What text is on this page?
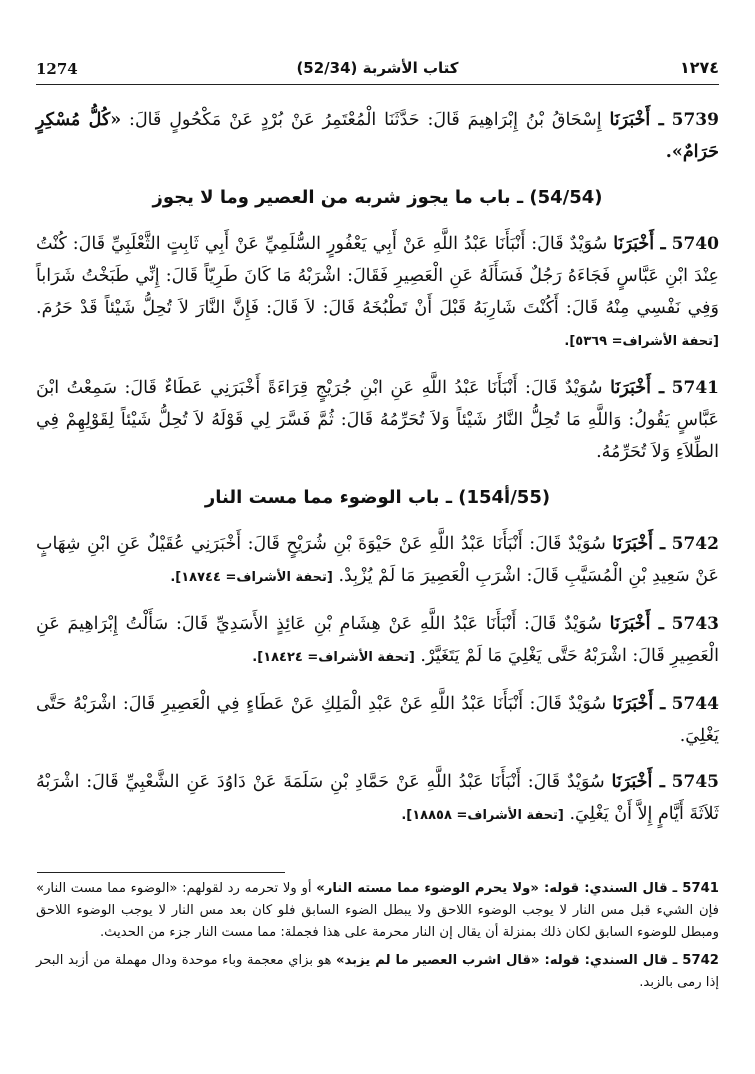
1274	(52/34) كتاب الأشربة	١٢٧٤

5739 ـ أَخْبَرَنَا إِسْحَاقُ بْنُ إِبْرَاهِيمَ قَالَ: حَدَّثَنَا الْمُعْتَمِرُ عَنْ بُرْدٍ عَنْ مَكْحُولٍ قَالَ: «كُلُّ مُسْكِرٍ حَرَامٌ».

(54/54) ـ باب ما يجوز شربه من العصير وما لا يجوز

5740 ـ أَخْبَرَنَا سُوَيْدٌ قَالَ: أَنْبَأَنَا عَبْدُ اللَّهِ عَنْ أَبِي يَعْفُورٍ السُّلَمِيِّ عَنْ أَبِي ثَابِتٍ الثَّعْلَبِيِّ قَالَ: كُنْتُ عِنْدَ ابْنِ عَبَّاسٍ فَجَاءَهُ رَجُلٌ فَسَأَلَهُ عَنِ الْعَصِيرِ فَقَالَ: اشْرَبْهُ مَا كَانَ طَرِيّاً قَالَ: إِنِّي طَبَخْتُ شَرَاباً وَفِي نَفْسِي مِنْهُ قَالَ: أَكُنْتَ شَارِبَهُ قَبْلَ أَنْ تَطْبُخَهُ قَالَ: لاَ قَالَ: فَإِنَّ النَّارَ لاَ تُحِلُّ شَيْئاً قَدْ حَرُمَ. [تحفة الأشراف= ٥٣٦٩].

5741 ـ أَخْبَرَنَا سُوَيْدٌ قَالَ: أَنْبَأَنَا عَبْدُ اللَّهِ عَنِ ابْنِ جُرَيْجٍ قِرَاءَةً أَخْبَرَنِي عَطَاءٌ قَالَ: سَمِعْتُ ابْنَ عَبَّاسٍ يَقُولُ: وَاللَّهِ مَا تُحِلُّ النَّارُ شَيْئاً وَلاَ تُحَرِّمُهُ قَالَ: ثُمَّ فَسَّرَ لِي قَوْلَهُ لاَ تُحِلُّ شَيْئاً لِقَوْلِهِمْ فِي الطِّلاَءِ وَلاَ تُحَرِّمُهُ.

(55/أ154) ـ باب الوضوء مما مست النار

5742 ـ أَخْبَرَنَا سُوَيْدٌ قَالَ: أَنْبَأَنَا عَبْدُ اللَّهِ عَنْ حَيْوَةَ بْنِ شُرَيْحٍ قَالَ: أَخْبَرَنِي عُقَيْلٌ عَنِ ابْنِ شِهَابٍ عَنْ سَعِيدِ بْنِ الْمُسَيَّبِ قَالَ: اشْرَبِ الْعَصِيرَ مَا لَمْ يُزْبِدْ. [تحفة الأشراف= ١٨٧٤٤].

5743 ـ أَخْبَرَنَا سُوَيْدٌ قَالَ: أَنْبَأَنَا عَبْدُ اللَّهِ عَنْ هِشَامِ بْنِ عَائِذٍ الأَسَدِيِّ قَالَ: سَأَلْتُ إِبْرَاهِيمَ عَنِ الْعَصِيرِ قَالَ: اشْرَبْهُ حَتَّى يَغْلِيَ مَا لَمْ يَتَغَيَّرْ. [تحفة الأشراف= ١٨٤٢٤].

5744 ـ أَخْبَرَنَا سُوَيْدٌ قَالَ: أَنْبَأَنَا عَبْدُ اللَّهِ عَنْ عَبْدِ الْمَلِكِ عَنْ عَطَاءٍ فِي الْعَصِيرِ قَالَ: اشْرَبْهُ حَتَّى يَغْلِيَ.

5745 ـ أَخْبَرَنَا سُوَيْدٌ قَالَ: أَنْبَأَنَا عَبْدُ اللَّهِ عَنْ حَمَّادِ بْنِ سَلَمَةَ عَنْ دَاوُدَ عَنِ الشَّعْبِيِّ قَالَ: اشْرَبْهُ ثَلاَثَةَ أَيَّامٍ إِلاَّ أَنْ يَغْلِيَ. [تحفة الأشراف= ١٨٨٥٨].

5741 ـ قال السندي: قوله: «ولا يحرم الوضوء مما مسته النار» أو ولا تحرمه رد لقولهم: «الوضوء مما مست النار» فإن الشيء قبل مس النار لا يوجب الوضوء اللاحق ولا يبطل الضوء السابق فلو كان بعد مس النار لا يوجب الوضوء اللاحق ومبطل للوضوء السابق لكان ذلك بمنزلة أن يقال إن النار محرمة على هذا فجملة: مما مست النار جزء من الحديث.

5742 ـ قال السندي: قوله: «قال اشرب العصير ما لم يزبد» هو بزاي معجمة وباء موحدة ودال مهملة من أزبد البحر إذا رمى بالزبد.
